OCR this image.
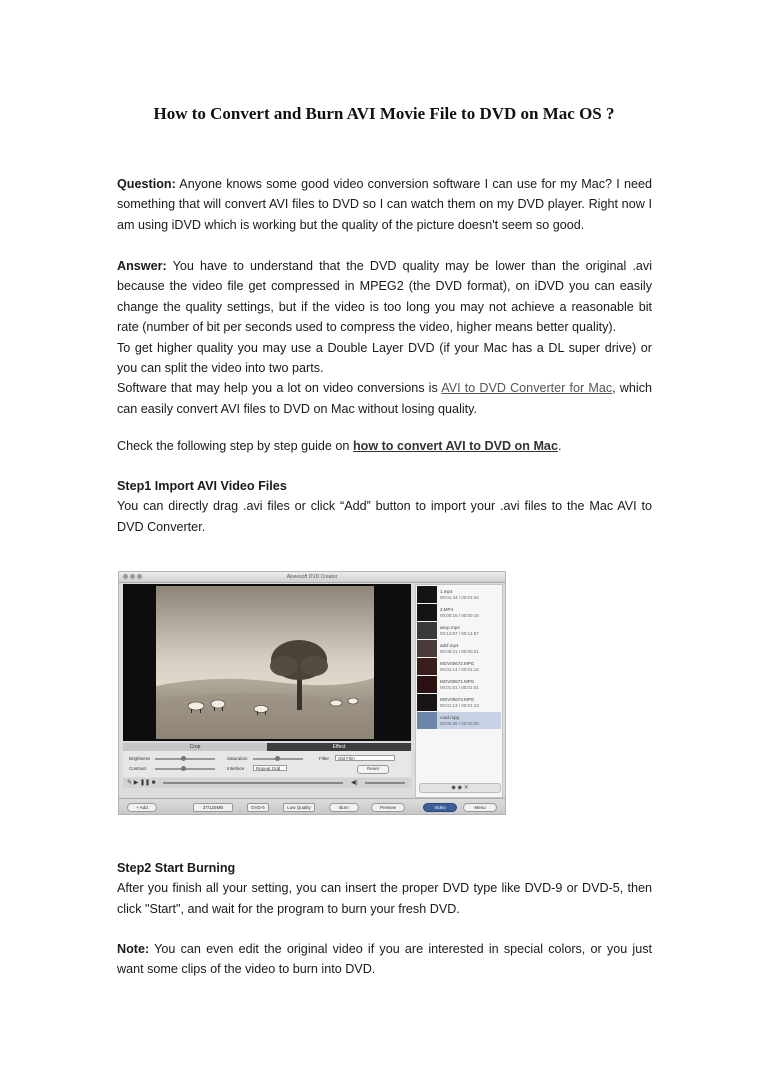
How to Convert and Burn AVI Movie File to DVD on Mac OS ?

Question: Anyone knows some good video conversion software I can use for my Mac? I need something that will convert AVI files to DVD so I can watch them on my DVD player. Right now I am using iDVD which is working but the quality of the picture doesn't seem so good.

Answer: You have to understand that the DVD quality may be lower than the original .avi because the video file get compressed in MPEG2 (the DVD format), on iDVD you can easily change the quality settings, but if the video is too long you may not achieve a reasonable bit rate (number of bit per seconds used to compress the video, higher means better quality).
To get higher quality you may use a Double Layer DVD (if your Mac has a DL super drive) or you can split the video into two parts.
Software that may help you a lot on video conversions is AVI to DVD Converter for Mac, which can easily convert AVI files to DVD on Mac without losing quality.

Check the following step by step guide on how to convert AVI to DVD on Mac.

Step1 Import AVI Video Files
You can directly drag .avi files or click “Add” button to import your .avi files to the Mac AVI to DVD Converter.

Aiseesoft DVD Creator
1.mp4
00:01:44 / 00:01:44
2.MP4
00:00:16 / 00:00:16
aecp.mp4
00:14:57 / 00:14:57
adsf.mp4
00:00:21 / 00:00:21
MOV00672.MPG
00:01:14 / 00:01:14
MOV00671.MPG
00:01:01 / 00:01:01
MOV00673.MPG
00:01:13 / 00:01:13
road.mpg
00:00:26 / 00:00:26
◆ ◆ ✕
Crop	Effect
Brightness	Saturation
Contrast	Interlace	Repeat Odd
Filter	Old Film
Reset
✎ ▶ ❚❚ ■	◀)
+ Add	37/125MB	DVD-5	Low Quality	Burn	Preview	Video	Menu

Step2 Start Burning
After you finish all your setting, you can insert the proper DVD type like DVD-9 or DVD-5, then click "Start", and wait for the program to burn your fresh DVD.

Note: You can even edit the original video if you are interested in special colors, or you just want some clips of the video to burn into DVD.
